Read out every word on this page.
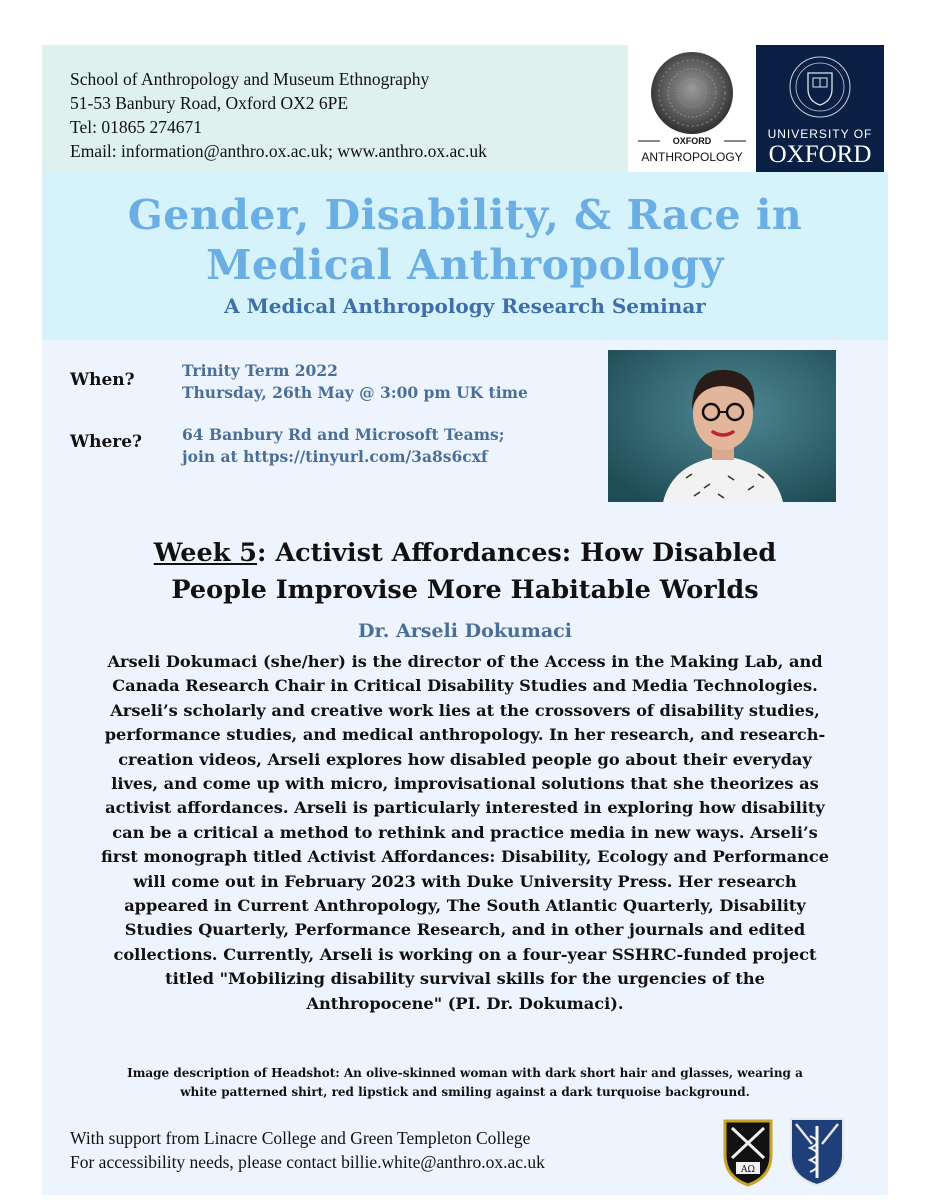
School of Anthropology and Museum Ethnography
51-53 Banbury Road, Oxford OX2 6PE
Tel: 01865 274671
Email: information@anthro.ox.ac.uk; www.anthro.ox.ac.uk	OXFORD
ANTHROPOLOGY
UNIVERSITY OF
OXFORD
Gender, Disability, & Race in
Medical Anthropology
A Medical Anthropology Research Seminar
When?	Trinity Term 2022
Thursday, 26th May @ 3:00 pm UK time
Where?	64 Banbury Rd and Microsoft Teams;
join at https://tinyurl.com/3a8s6cxf
Week 5: Activist Affordances: How Disabled
People Improvise More Habitable Worlds
Dr. Arseli Dokumaci
Arseli Dokumaci (she/her) is the director of the Access in the Making Lab, and
Canada Research Chair in Critical Disability Studies and Media Technologies.
Arseli’s scholarly and creative work lies at the crossovers of disability studies,
performance studies, and medical anthropology. In her research, and research-
creation videos, Arseli explores how disabled people go about their everyday
lives, and come up with micro, improvisational solutions that she theorizes as
activist affordances. Arseli is particularly interested in exploring how disability
can be a critical a method to rethink and practice media in new ways. Arseli’s
first monograph titled Activist Affordances: Disability, Ecology and Performance
will come out in February 2023 with Duke University Press. Her research
appeared in Current Anthropology, The South Atlantic Quarterly, Disability
Studies Quarterly, Performance Research, and in other journals and edited
collections. Currently, Arseli is working on a four-year SSHRC-funded project
titled "Mobilizing disability survival skills for the urgencies of the
Anthropocene" (PI. Dr. Dokumaci).
Image description of Headshot: An olive-skinned woman with dark short hair and glasses, wearing a
white patterned shirt, red lipstick and smiling against a dark turquoise background.
With support from Linacre College and Green Templeton College
For accessibility needs, please contact billie.white@anthro.ox.ac.uk	ΑΩ
